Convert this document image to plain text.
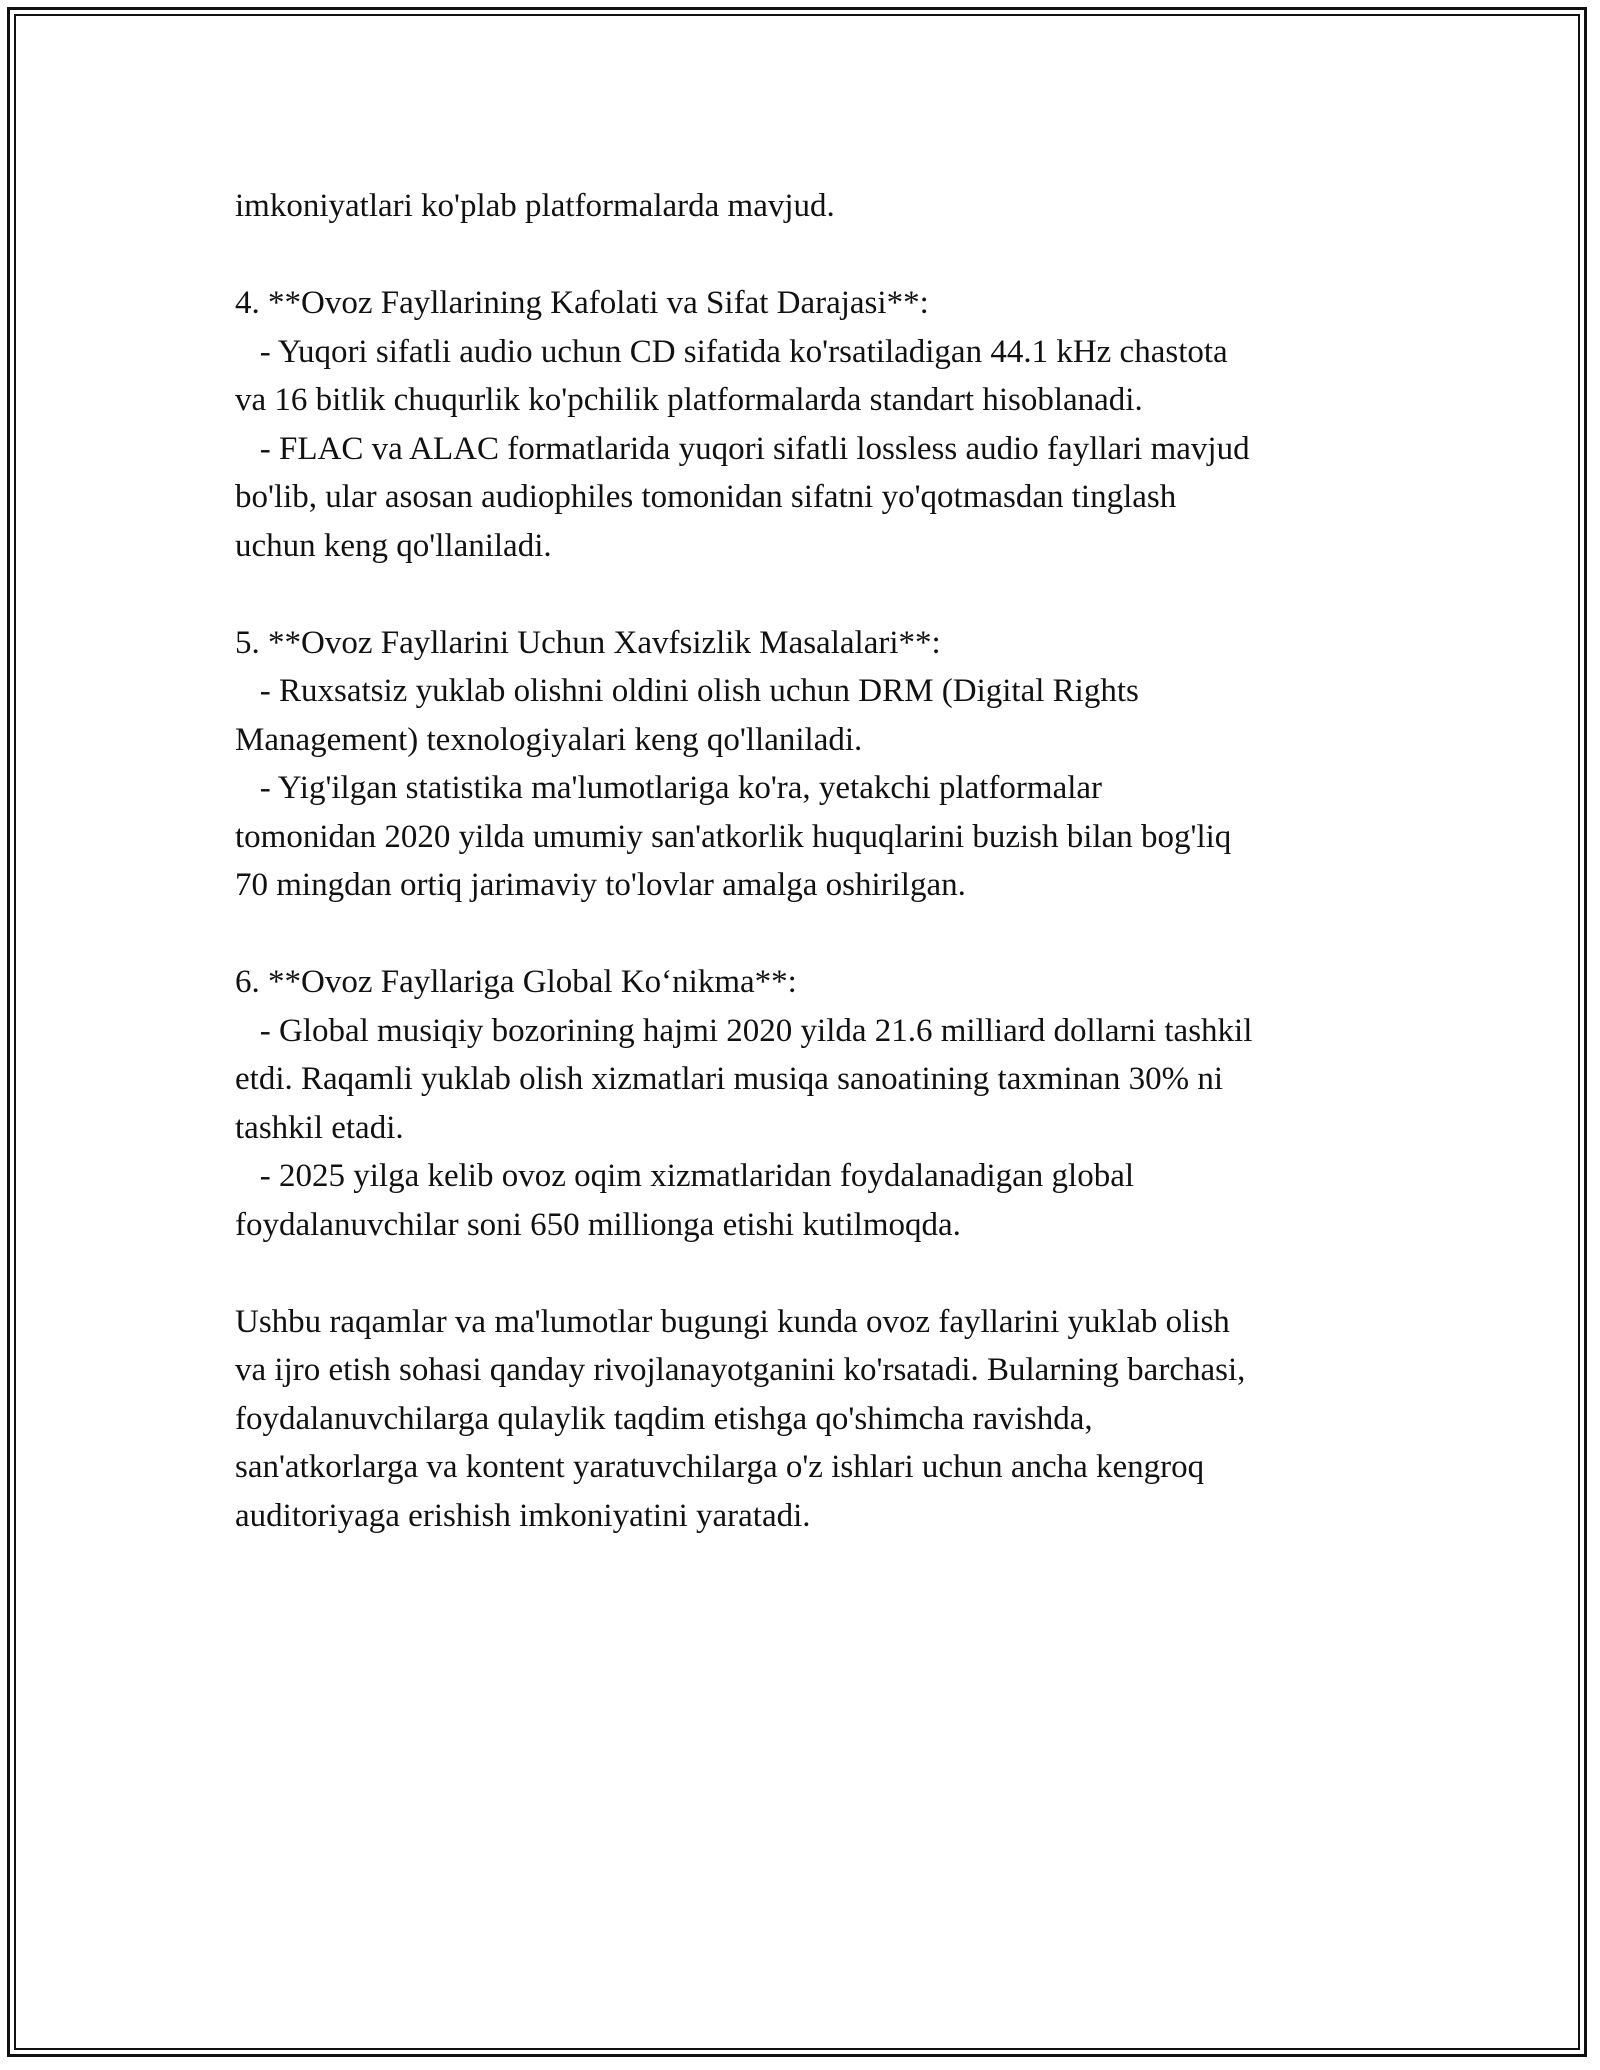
imkoniyatlari ko'plab platformalarda mavjud.
4. **Ovoz Fayllarining Kafolati va Sifat Darajasi**:
- Yuqori sifatli audio uchun CD sifatida ko'rsatiladigan 44.1 kHz chastota
va 16 bitlik chuqurlik ko'pchilik platformalarda standart hisoblanadi.
- FLAC va ALAC formatlarida yuqori sifatli lossless audio fayllari mavjud
bo'lib, ular asosan audiophiles tomonidan sifatni yo'qotmasdan tinglash
uchun keng qo'llaniladi.
5. **Ovoz Fayllarini Uchun Xavfsizlik Masalalari**:
- Ruxsatsiz yuklab olishni oldini olish uchun DRM (Digital Rights
Management) texnologiyalari keng qo'llaniladi.
- Yig'ilgan statistika ma'lumotlariga ko'ra, yetakchi platformalar
tomonidan 2020 yilda umumiy san'atkorlik huquqlarini buzish bilan bog'liq
70 mingdan ortiq jarimaviy to'lovlar amalga oshirilgan.
6. **Ovoz Fayllariga Global Koʻnikma**:
- Global musiqiy bozorining hajmi 2020 yilda 21.6 milliard dollarni tashkil
etdi. Raqamli yuklab olish xizmatlari musiqa sanoatining taxminan 30% ni
tashkil etadi.
- 2025 yilga kelib ovoz oqim xizmatlaridan foydalanadigan global
foydalanuvchilar soni 650 millionga etishi kutilmoqda.
Ushbu raqamlar va ma'lumotlar bugungi kunda ovoz fayllarini yuklab olish
va ijro etish sohasi qanday rivojlanayotganini ko'rsatadi. Bularning barchasi,
foydalanuvchilarga qulaylik taqdim etishga qo'shimcha ravishda,
san'atkorlarga va kontent yaratuvchilarga o'z ishlari uchun ancha kengroq
auditoriyaga erishish imkoniyatini yaratadi.
